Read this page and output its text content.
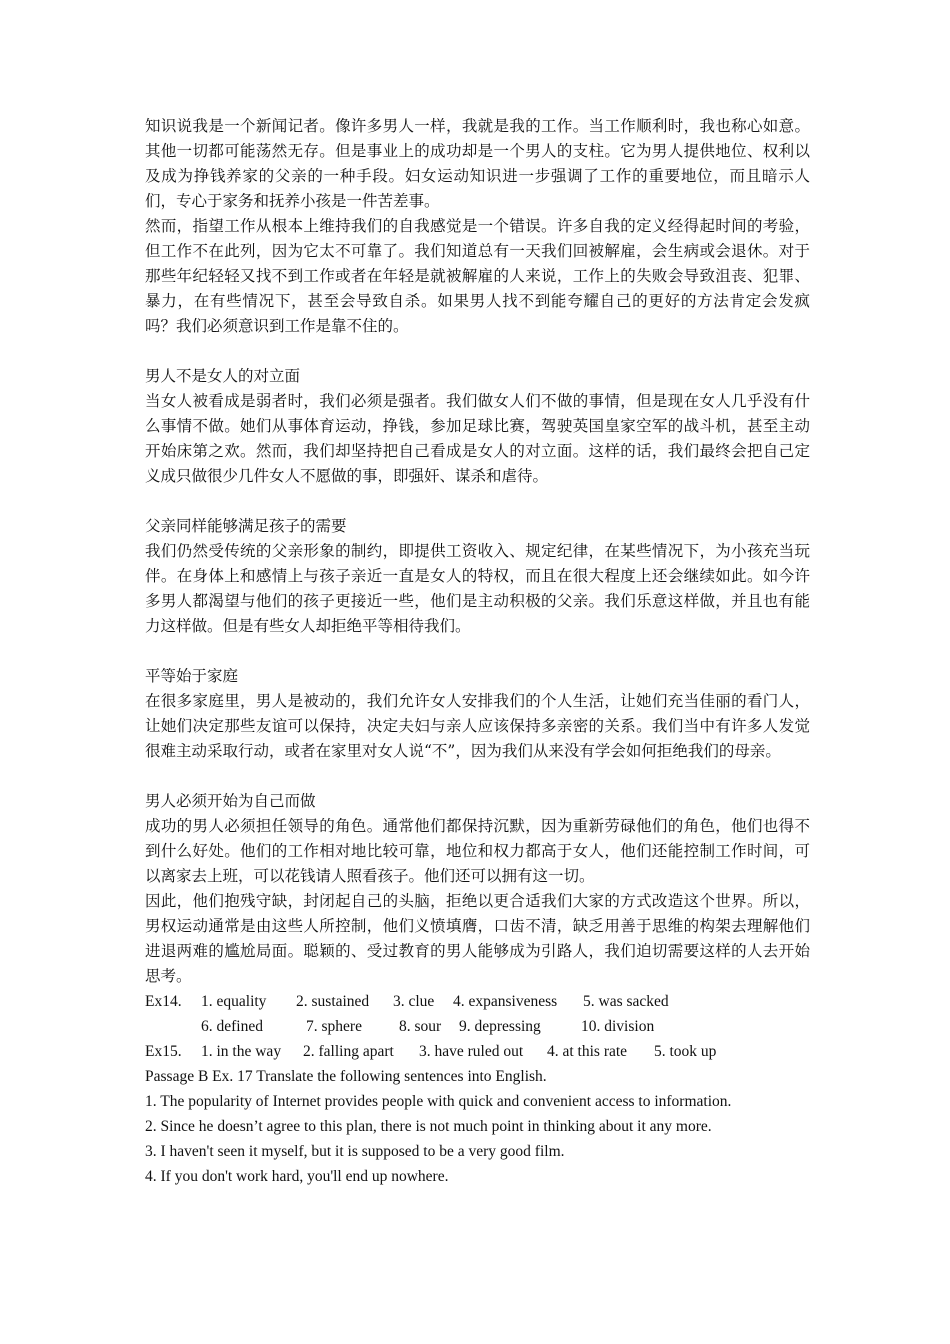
知识说我是一个新闻记者。像许多男人一样，我就是我的工作。当工作顺利时，我也称心如意。其他一切都可能荡然无存。但是事业上的成功却是一个男人的支柱。它为男人提供地位、权利以及成为挣钱养家的父亲的一种手段。妇女运动知识进一步强调了工作的重要地位，而且暗示人们，专心于家务和抚养小孩是一件苦差事。

然而，指望工作从根本上维持我们的自我感觉是一个错误。许多自我的定义经得起时间的考验，但工作不在此列，因为它太不可靠了。我们知道总有一天我们回被解雇，会生病或会退休。对于那些年纪轻轻又找不到工作或者在年轻是就被解雇的人来说，工作上的失败会导致沮丧、犯罪、暴力，在有些情况下，甚至会导致自杀。如果男人找不到能夸耀自己的更好的方法肯定会发疯吗？我们必须意识到工作是靠不住的。

男人不是女人的对立面

当女人被看成是弱者时，我们必须是强者。我们做女人们不做的事情，但是现在女人几乎没有什么事情不做。她们从事体育运动，挣钱，参加足球比赛，驾驶英国皇家空军的战斗机，甚至主动开始床第之欢。然而，我们却坚持把自己看成是女人的对立面。这样的话，我们最终会把自己定义成只做很少几件女人不愿做的事，即强奸、谋杀和虐待。

父亲同样能够满足孩子的需要

我们仍然受传统的父亲形象的制约，即提供工资收入、规定纪律，在某些情况下，为小孩充当玩伴。在身体上和感情上与孩子亲近一直是女人的特权，而且在很大程度上还会继续如此。如今许多男人都渴望与他们的孩子更接近一些，他们是主动积极的父亲。我们乐意这样做，并且也有能力这样做。但是有些女人却拒绝平等相待我们。

平等始于家庭

在很多家庭里，男人是被动的，我们允许女人安排我们的个人生活，让她们充当佳丽的看门人，让她们决定那些友谊可以保持，决定夫妇与亲人应该保持多亲密的关系。我们当中有许多人发觉很难主动采取行动，或者在家里对女人说“不”，因为我们从来没有学会如何拒绝我们的母亲。

男人必须开始为自己而做

成功的男人必须担任领导的角色。通常他们都保持沉默，因为重新劳碌他们的角色，他们也得不到什么好处。他们的工作相对地比较可靠，地位和权力都高于女人，他们还能控制工作时间，可以离家去上班，可以花钱请人照看孩子。他们还可以拥有这一切。

因此，他们抱残守缺，封闭起自己的头脑，拒绝以更合适我们大家的方式改造这个世界。所以，男权运动通常是由这些人所控制，他们义愤填膺，口齿不清，缺乏用善于思维的构架去理解他们进退两难的尴尬局面。聪颖的、受过教育的男人能够成为引路人，我们迫切需要这样的人去开始思考。

Ex14. 1. equality 2. sustained 3. clue 4. expansiveness 5. was sacked

6. defined	7. sphere 8. sour 9. depressing	10. division

Ex15. 1. in the way 2. falling apart 3. have ruled out 4. at this rate 5. took up

Passage B Ex. 17 Translate the following sentences into English.

1. The popularity of Internet provides people with quick and convenient access to information.

2. Since he doesn’t agree to this plan, there is not much point in thinking about it any more.

3. I haven't seen it myself, but it is supposed to be a very good film.

4. If you don't work hard, you'll end up nowhere.
